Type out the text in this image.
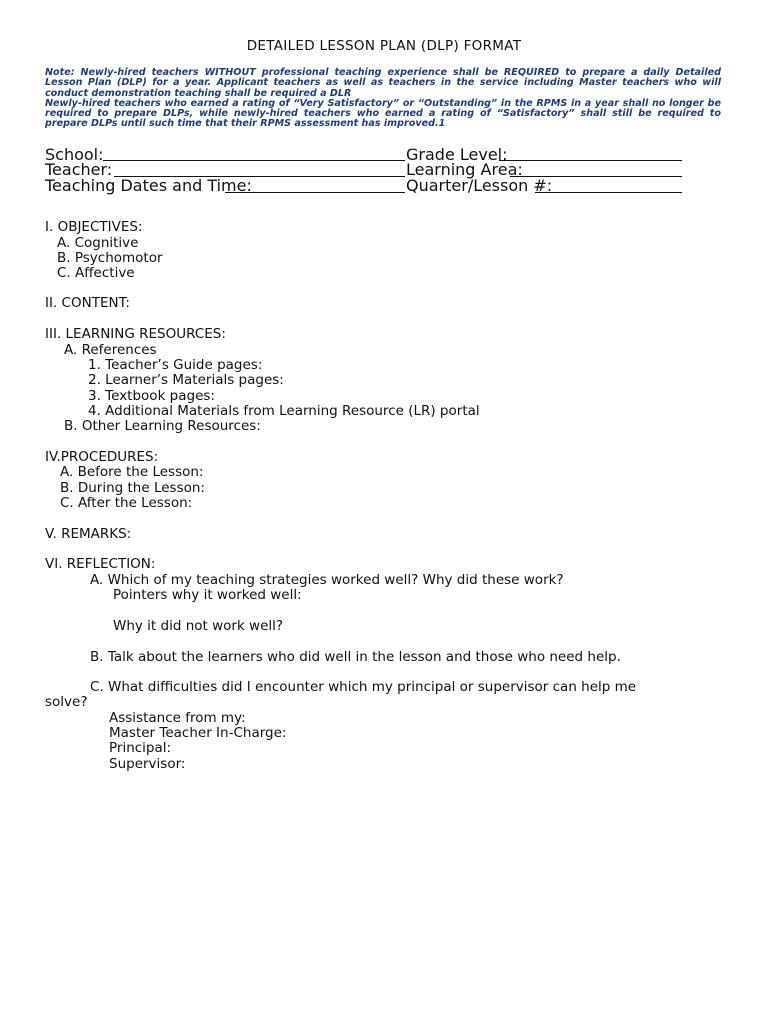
DETAILED LESSON PLAN (DLP) FORMAT

Note: Newly-hired teachers WITHOUT professional teaching experience shall be REQUIRED to prepare a daily Detailed Lesson Plan (DLP) for a year. Applicant teachers as well as teachers in the service including Master teachers who will conduct demonstration teaching shall be required a DLR

Newly-hired teachers who earned a rating of “Very Satisfactory” or “Outstanding” in the RPMS in a year shall no longer be required to prepare DLPs, while newly-hired teachers who earned a rating of “Satisfactory” shall still be required to prepare DLPs until such time that their RPMS assessment has improved.1

School:	Grade Level:
Teacher:	Learning Area:
Teaching Dates and Time:	Quarter/Lesson #:
I. OBJECTIVES:
A. Cognitive
B. Psychomotor
C. Affective
II. CONTENT:
III. LEARNING RESOURCES:
A. References
1. Teacher’s Guide pages:
2. Learner’s Materials pages:
3. Textbook pages:
4. Additional Materials from Learning Resource (LR) portal
B. Other Learning Resources:
IV.PROCEDURES:
A. Before the Lesson:
B. During the Lesson:
C. After the Lesson:
V. REMARKS:
VI. REFLECTION:
A. Which of my teaching strategies worked well? Why did these work?
Pointers why it worked well:
Why it did not work well?
B. Talk about the learners who did well in the lesson and those who need help.
C. What difficulties did I encounter which my principal or supervisor can help me
solve?
Assistance from my:
Master Teacher In-Charge:
Principal:
Supervisor:
